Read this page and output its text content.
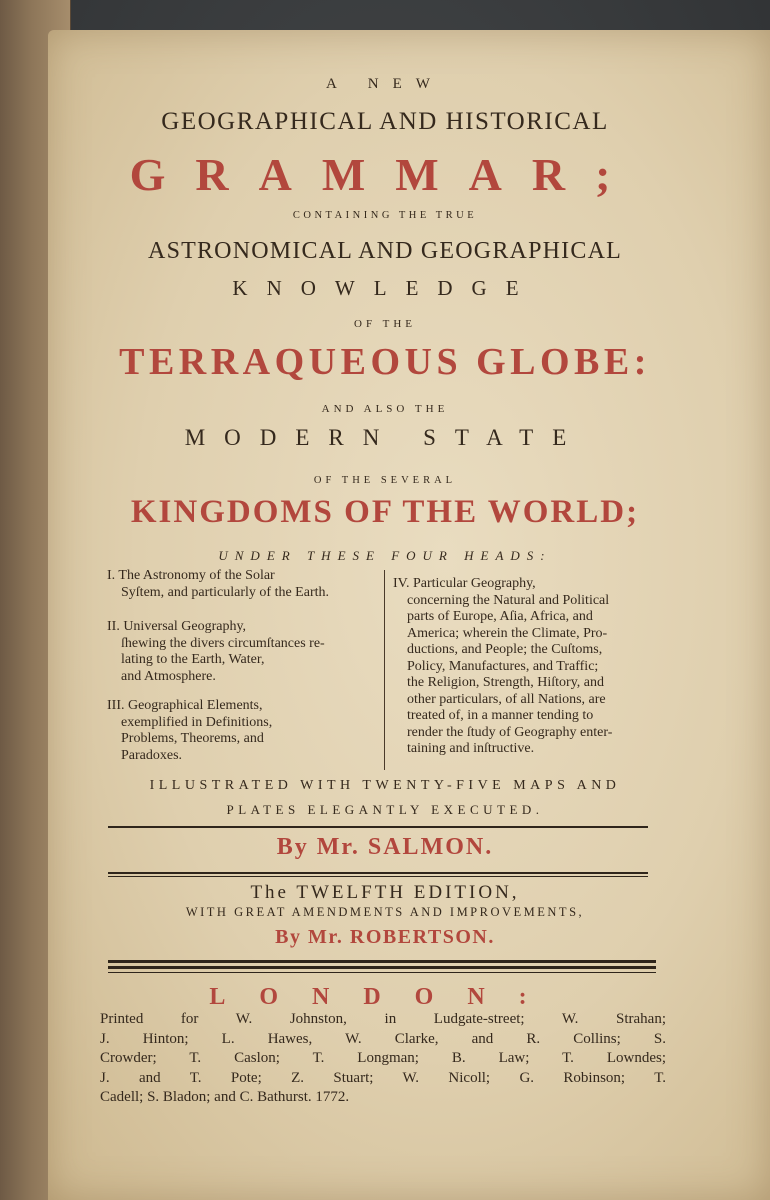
A NEW
GEOGRAPHICAL AND HISTORICAL
GRAMMAR;
CONTAINING THE TRUE
ASTRONOMICAL AND GEOGRAPHICAL
KNOWLEDGE
OF THE
TERRAQUEOUS GLOBE:
AND ALSO THE
MODERN STATE
OF THE SEVERAL
KINGDOMS OF THE WORLD;
UNDER THESE FOUR HEADS:
I. The Astronomy of the Solar

Syſtem, and particularly of the Earth.
II. Universal Geography,

ſhewing the divers circumſtances re-
lating to the Earth, Water,
and Atmosphere.
III. Geographical Elements,

exemplified in Definitions,
Problems, Theorems, and
Paradoxes.
IV. Particular Geography,

concerning the Natural and Political
parts of Europe, Aſia, Africa, and
America; wherein the Climate, Pro-
ductions, and People; the Cuſtoms,
Policy, Manufactures, and Traffic;
the Religion, Strength, Hiſtory, and
other particulars, of all Nations, are
treated of, in a manner tending to
render the ſtudy of Geography enter-
taining and inſtructive.
ILLUSTRATED WITH TWENTY-FIVE MAPS AND
PLATES ELEGANTLY EXECUTED.
By Mr. SALMON.
The TWELFTH EDITION,
WITH GREAT AMENDMENTS AND IMPROVEMENTS,
By Mr. ROBERTSON.
LONDON:
Printed for W. Johnston, in Ludgate-street; W. Strahan;
J. Hinton; L. Hawes, W. Clarke, and R. Collins; S.
Crowder; T. Caslon; T. Longman; B. Law; T. Lowndes;
J. and T. Pote; Z. Stuart; W. Nicoll; G. Robinson; T.
Cadell; S. Bladon; and C. Bathurst. 1772.
